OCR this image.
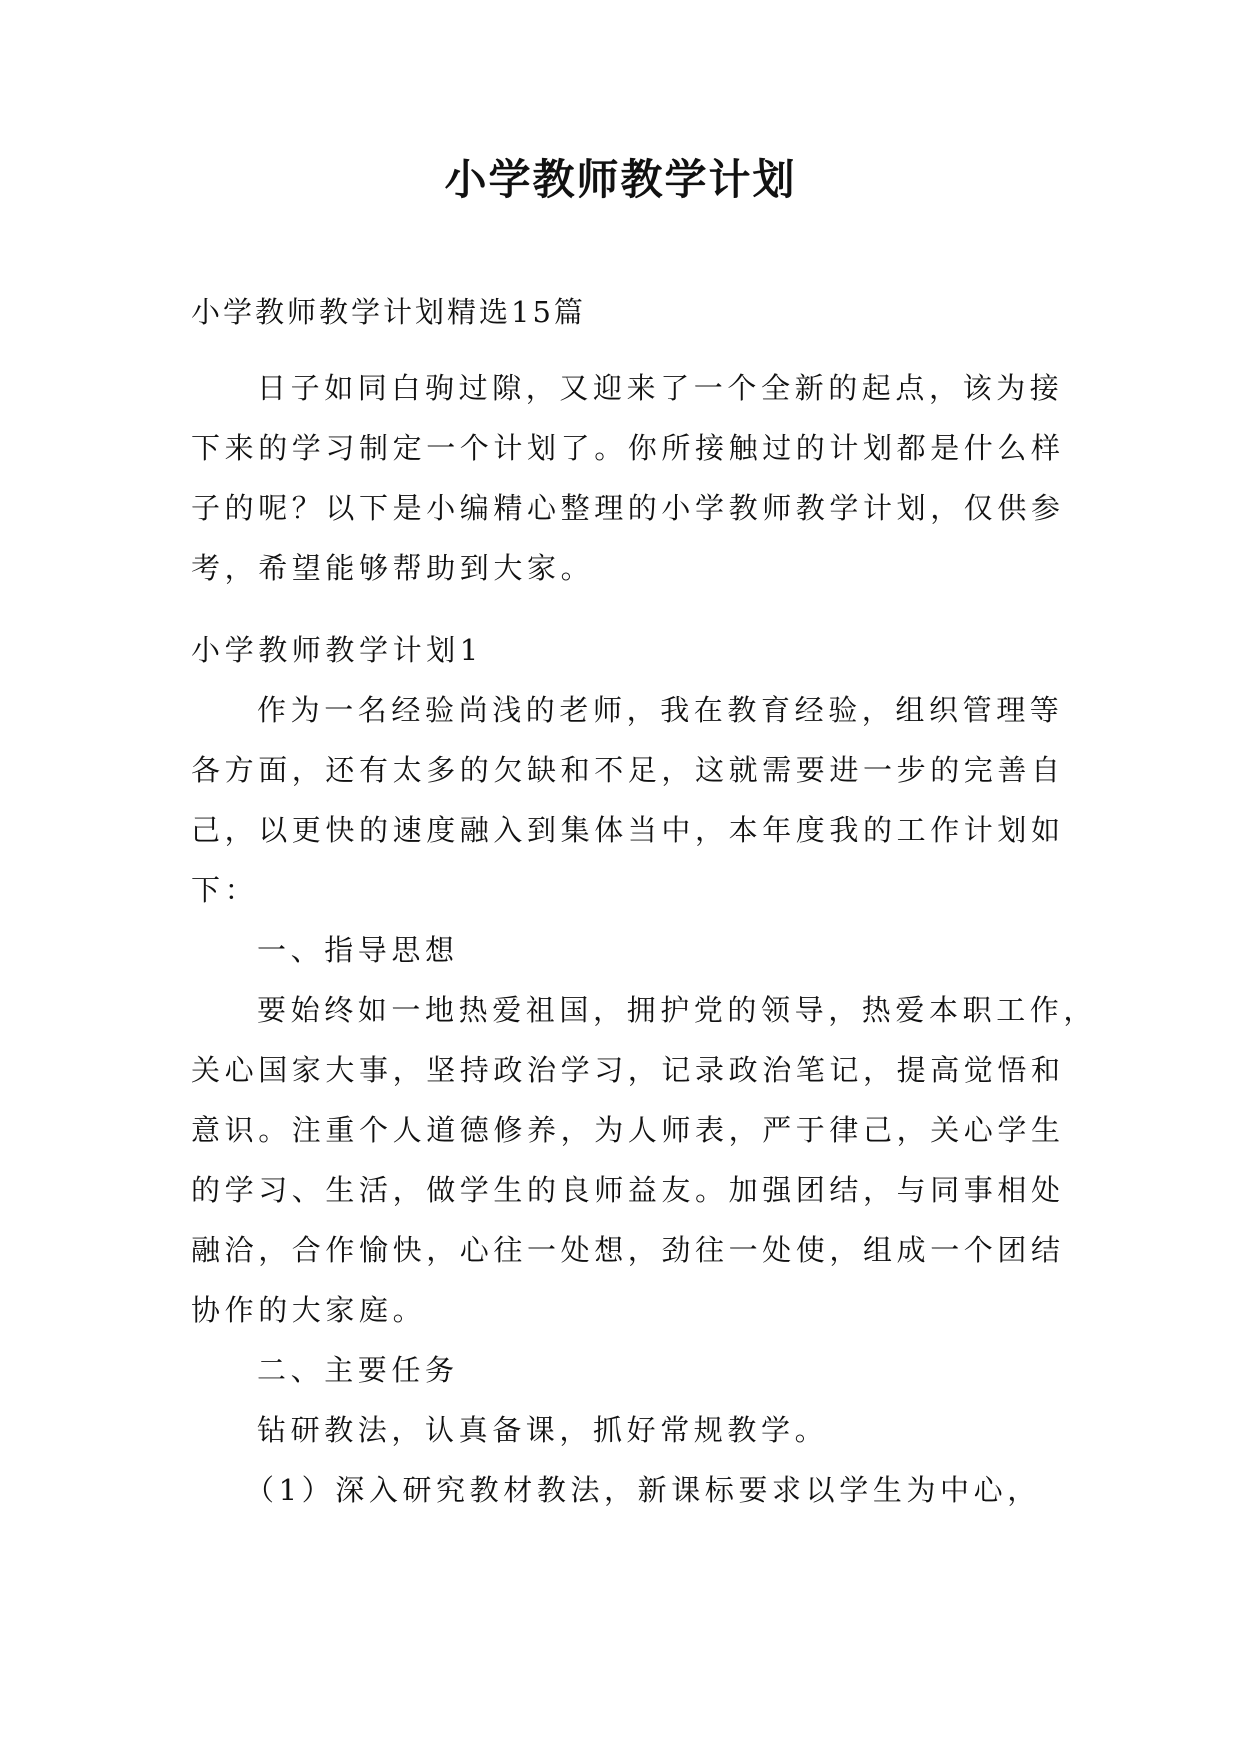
小学教师教学计划
小学教师教学计划精选15篇
日子如同白驹过隙，又迎来了一个全新的起点，该为接
下来的学习制定一个计划了。你所接触过的计划都是什么样
子的呢？以下是小编精心整理的小学教师教学计划，仅供参
考，希望能够帮助到大家。
小学教师教学计划1
作为一名经验尚浅的老师，我在教育经验，组织管理等
各方面，还有太多的欠缺和不足，这就需要进一步的完善自
己，以更快的速度融入到集体当中，本年度我的工作计划如
下：
一、指导思想
要始终如一地热爱祖国，拥护党的领导，热爱本职工作，
关心国家大事，坚持政治学习，记录政治笔记，提高觉悟和
意识。注重个人道德修养，为人师表，严于律己，关心学生
的学习、生活，做学生的良师益友。加强团结，与同事相处
融洽，合作愉快，心往一处想，劲往一处使，组成一个团结
协作的大家庭。
二、主要任务
钻研教法，认真备课，抓好常规教学。
（1）深入研究教材教法，新课标要求以学生为中心，
